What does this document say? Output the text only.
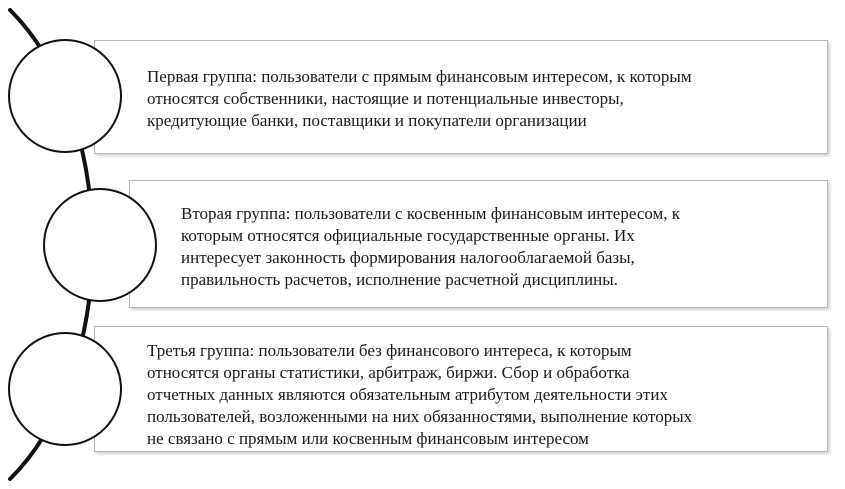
Первая группа: пользователи с прямым финансовым интересом, к которым
относятся собственники, настоящие и потенциальные инвесторы,
кредитующие банки, поставщики и покупатели организации

Вторая группа: пользователи с косвенным финансовым интересом, к
которым относятся официальные государственные органы. Их
интересует законность формирования налогооблагаемой базы,
правильность расчетов, исполнение расчетной дисциплины.

Третья группа: пользователи без финансового интереса, к которым
относятся органы статистики, арбитраж, биржи. Сбор и обработка
отчетных данных являются обязательным атрибутом деятельности этих
пользователей, возложенными на них обязанностями, выполнение которых
не связано с прямым или косвенным финансовым интересом
